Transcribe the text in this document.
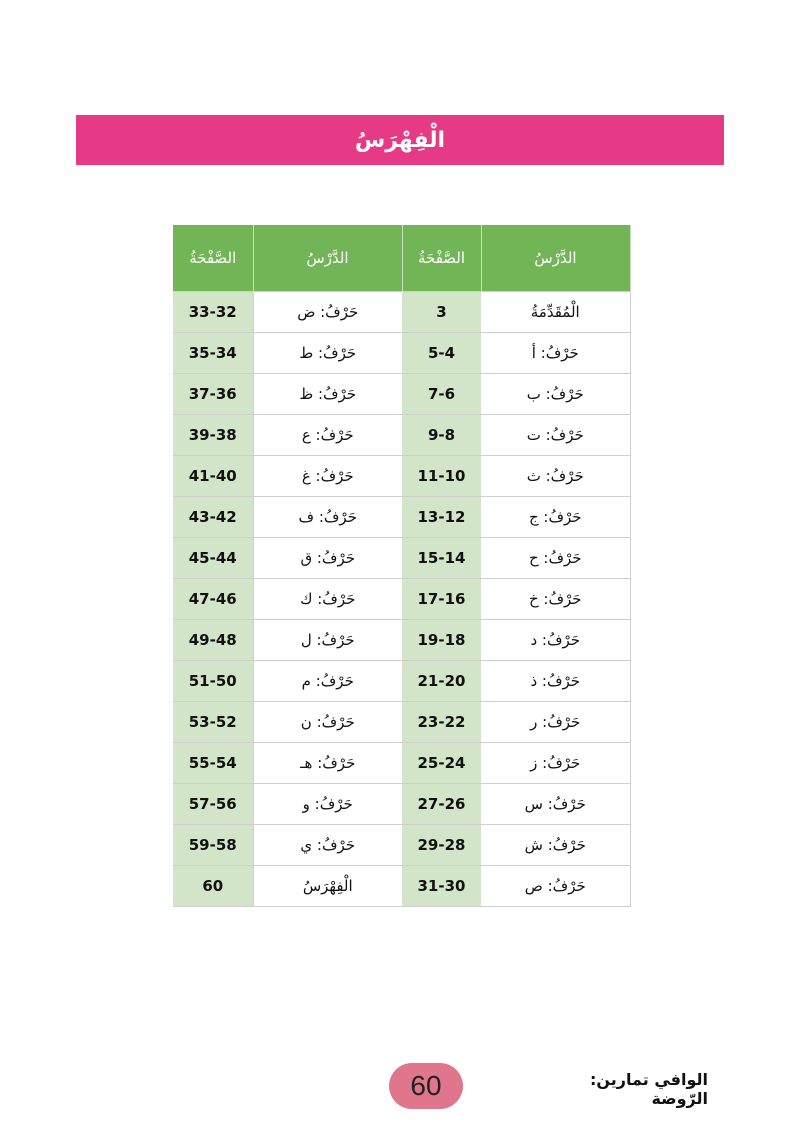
الْفِهْرَسُ
الصَّفْحَةُ	الدَّرْسُ	الصَّفْحَةُ	الدَّرْسُ
33-32	حَرْفُ: ض	3	الْمُقَدِّمَةُ
35-34	حَرْفُ: ط	5-4	حَرْفُ: أ
37-36	حَرْفُ: ظ	7-6	حَرْفُ: ب
39-38	حَرْفُ: ع	9-8	حَرْفُ: ت
41-40	حَرْفُ: غ	11-10	حَرْفُ: ث
43-42	حَرْفُ: ف	13-12	حَرْفُ: ج
45-44	حَرْفُ: ق	15-14	حَرْفُ: ح
47-46	حَرْفُ: ك	17-16	حَرْفُ: خ
49-48	حَرْفُ: ل	19-18	حَرْفُ: د
51-50	حَرْفُ: م	21-20	حَرْفُ: ذ
53-52	حَرْفُ: ن	23-22	حَرْفُ: ر
55-54	حَرْفُ: هـ	25-24	حَرْفُ: ز
57-56	حَرْفُ: و	27-26	حَرْفُ: س
59-58	حَرْفُ: ي	29-28	حَرْفُ: ش
60	الْفِهْرَسُ	31-30	حَرْفُ: ص
الوافي تمارين: الرّوضة
60
